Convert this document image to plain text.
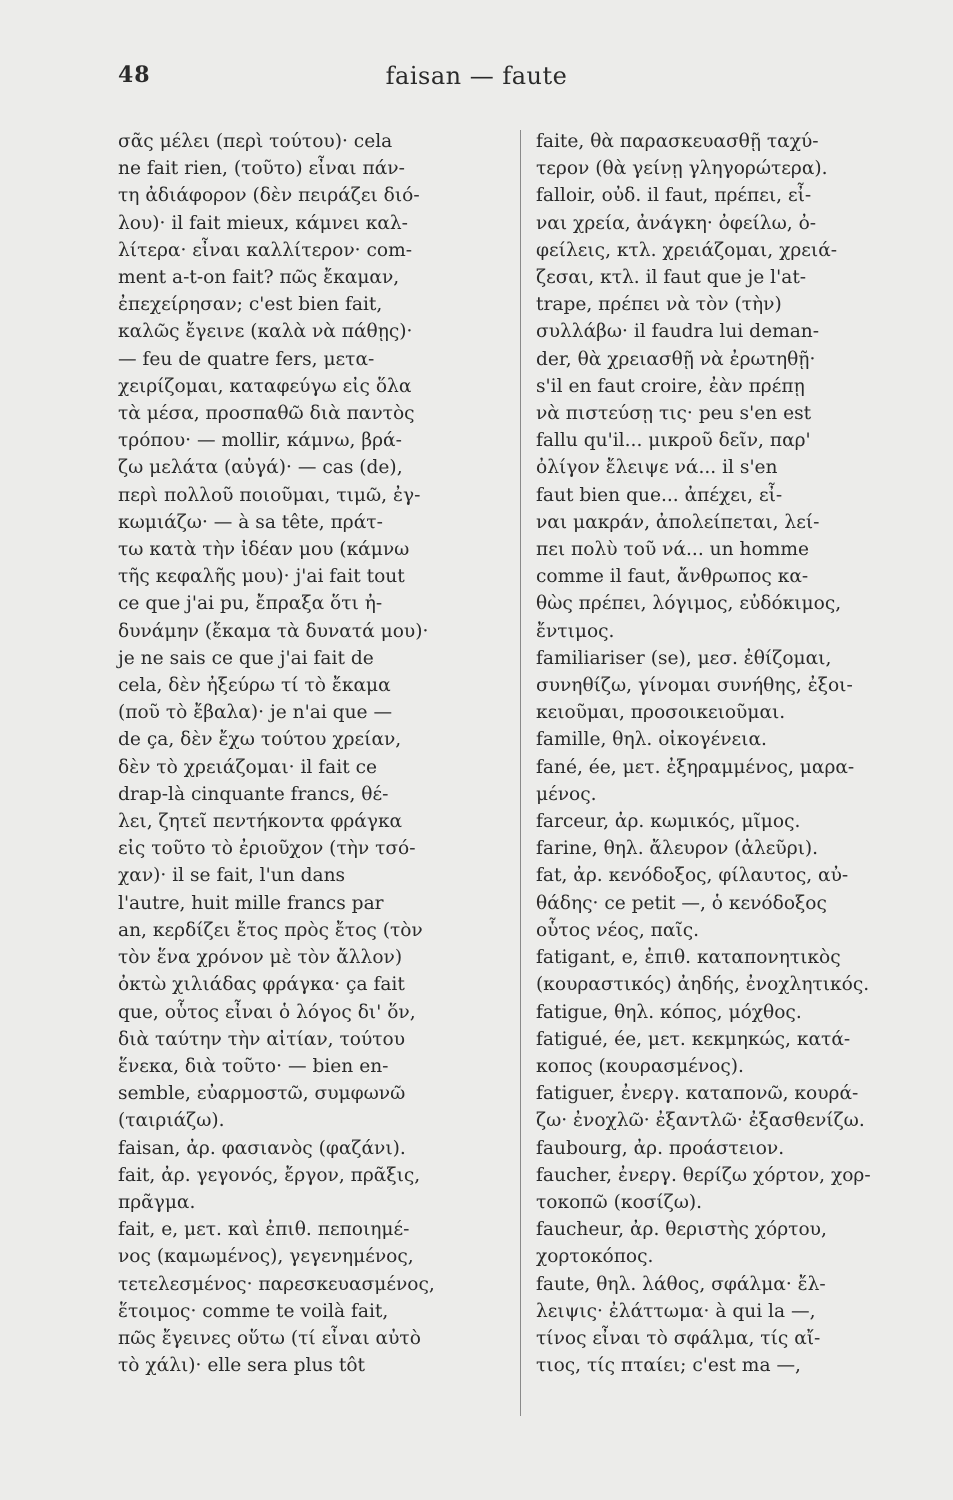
48	faisan — faute
σᾶς μέλει (περὶ τούτου)· cela
ne fait rien, (τοῦτο) εἶναι πάν-
τη ἀδιάφορον (δὲν πειράζει διό-
λου)· il fait mieux, κάμνει καλ-
λίτερα· εἶναι καλλίτερον· com-
ment a-t-on fait? πῶς ἔκαμαν,
ἐπεχείρησαν; c'est bien fait,
καλῶς ἔγεινε (καλὰ νὰ πάθῃς)·
— feu de quatre fers, μετα-
χειρίζομαι, καταφεύγω εἰς ὅλα
τὰ μέσα, προσπαθῶ διὰ παντὸς
τρόπου· — mollir, κάμνω, βρά-
ζω μελάτα (αὐγά)· — cas (de),
περὶ πολλοῦ ποιοῦμαι, τιμῶ, ἐγ-
κωμιάζω· — à sa tête, πράτ-
τω κατὰ τὴν ἰδέαν μου (κάμνω
τῆς κεφαλῆς μου)· j'ai fait tout
ce que j'ai pu, ἔπραξα ὅτι ἠ-
δυνάμην (ἔκαμα τὰ δυνατά μου)·
je ne sais ce que j'ai fait de
cela, δὲν ἠξεύρω τί τὸ ἔκαμα
(ποῦ τὸ ἔβαλα)· je n'ai que —
de ça, δὲν ἔχω τούτου χρείαν,
δὲν τὸ χρειάζομαι· il fait ce
drap-là cinquante francs, θέ-
λει, ζητεῖ πεντήκοντα φράγκα
εἰς τοῦτο τὸ ἐριοῦχον (τὴν τσό-
χαν)· il se fait, l'un dans
l'autre, huit mille francs par
an, κερδίζει ἔτος πρὸς ἔτος (τὸν
τὸν ἕνα χρόνον μὲ τὸν ἄλλον)
ὀκτὼ χιλιάδας φράγκα· ça fait
que, οὗτος εἶναι ὁ λόγος δι' ὅν,
διὰ ταύτην τὴν αἰτίαν, τούτου
ἕνεκα, διὰ τοῦτο· — bien en-
semble, εὐαρμοστῶ, συμφωνῶ
(ταιριάζω).
faisan, ἀρ. φασιανὸς (φαζάνι).
fait, ἀρ. γεγονός, ἔργον, πρᾶξις,
πρᾶγμα.
fait, e, μετ. καὶ ἐπιθ. πεποιημέ-
νος (καμωμένος), γεγενημένος,
τετελεσμένος· παρεσκευασμένος,
ἕτοιμος· comme te voilà fait,
πῶς ἔγεινες οὕτω (τί εἶναι αὐτὸ
τὸ χάλι)· elle sera plus tôt
faite, θὰ παρασκευασθῇ ταχύ-
τερον (θὰ γείνῃ γληγορώτερα).
falloir, οὐδ. il faut, πρέπει, εἶ-
ναι χρεία, ἀνάγκη· ὀφείλω, ὀ-
φείλεις, κτλ. χρειάζομαι, χρειά-
ζεσαι, κτλ. il faut que je l'at-
trape, πρέπει νὰ τὸν (τὴν)
συλλάβω· il faudra lui deman-
der, θὰ χρειασθῇ νὰ ἐρωτηθῇ·
s'il en faut croire, ἐὰν πρέπῃ
νὰ πιστεύσῃ τις· peu s'en est
fallu qu'il... μικροῦ δεῖν, παρ'
ὀλίγον ἔλειψε νά... il s'en
faut bien que... ἀπέχει, εἶ-
ναι μακράν, ἀπολείπεται, λεί-
πει πολὺ τοῦ νά... un homme
comme il faut, ἄνθρωπος κα-
θὼς πρέπει, λόγιμος, εὐδόκιμος,
ἔντιμος.
familiariser (se), μεσ. ἐθίζομαι,
συνηθίζω, γίνομαι συνήθης, ἐξοι-
κειοῦμαι, προσοικειοῦμαι.
famille, θηλ. οἰκογένεια.
fané, ée, μετ. ἐξηραμμένος, μαρα-
μένος.
farceur, ἀρ. κωμικός, μῖμος.
farine, θηλ. ἄλευρον (ἀλεῦρι).
fat, ἀρ. κενόδοξος, φίλαυτος, αὐ-
θάδης· ce petit —, ὁ κενόδοξος
οὗτος νέος, παῖς.
fatigant, e, ἐπιθ. καταπονητικὸς
(κουραστικός) ἀηδής, ἐνοχλητικός.
fatigue, θηλ. κόπος, μόχθος.
fatigué, ée, μετ. κεκμηκώς, κατά-
κοπος (κουρασμένος).
fatiguer, ἐνεργ. καταπονῶ, κουρά-
ζω· ἐνοχλῶ· ἐξαντλῶ· ἐξασθενίζω.
faubourg, ἀρ. προάστειον.
faucher, ἐνεργ. θερίζω χόρτον, χορ-
τοκοπῶ (κοσίζω).
faucheur, ἀρ. θεριστὴς χόρτου,
χορτοκόπος.
faute, θηλ. λάθος, σφάλμα· ἔλ-
λειψις· ἐλάττωμα· à qui la —,
τίνος εἶναι τὸ σφάλμα, τίς αἴ-
τιος, τίς πταίει; c'est ma —,
